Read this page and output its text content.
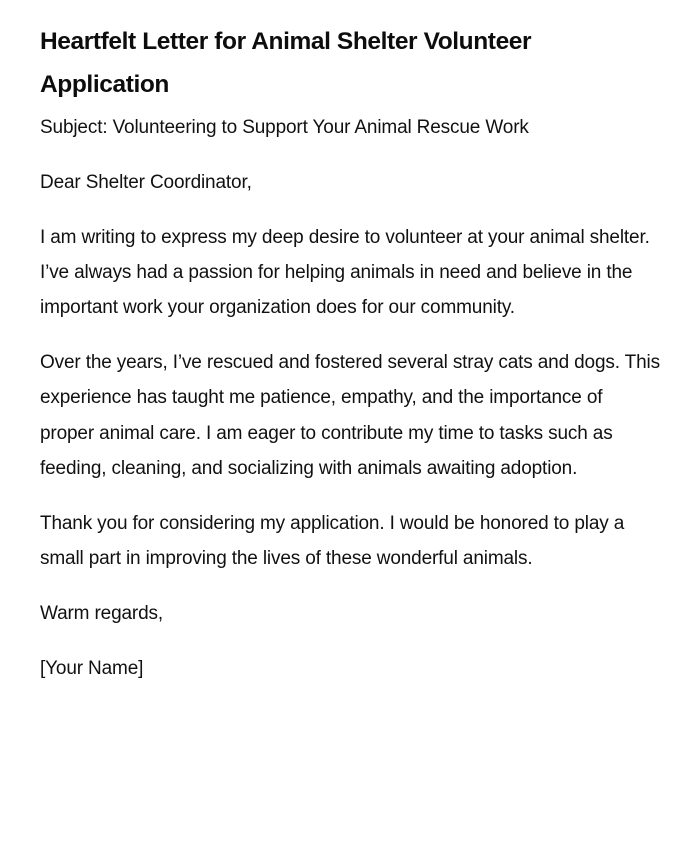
Heartfelt Letter for Animal Shelter Volunteer Application

Subject: Volunteering to Support Your Animal Rescue Work

Dear Shelter Coordinator,

I am writing to express my deep desire to volunteer at your animal shelter. I’ve always had a passion for helping animals in need and believe in the important work your organization does for our community.

Over the years, I’ve rescued and fostered several stray cats and dogs. This experience has taught me patience, empathy, and the importance of proper animal care. I am eager to contribute my time to tasks such as feeding, cleaning, and socializing with animals awaiting adoption.

Thank you for considering my application. I would be honored to play a small part in improving the lives of these wonderful animals.

Warm regards,

[Your Name]
